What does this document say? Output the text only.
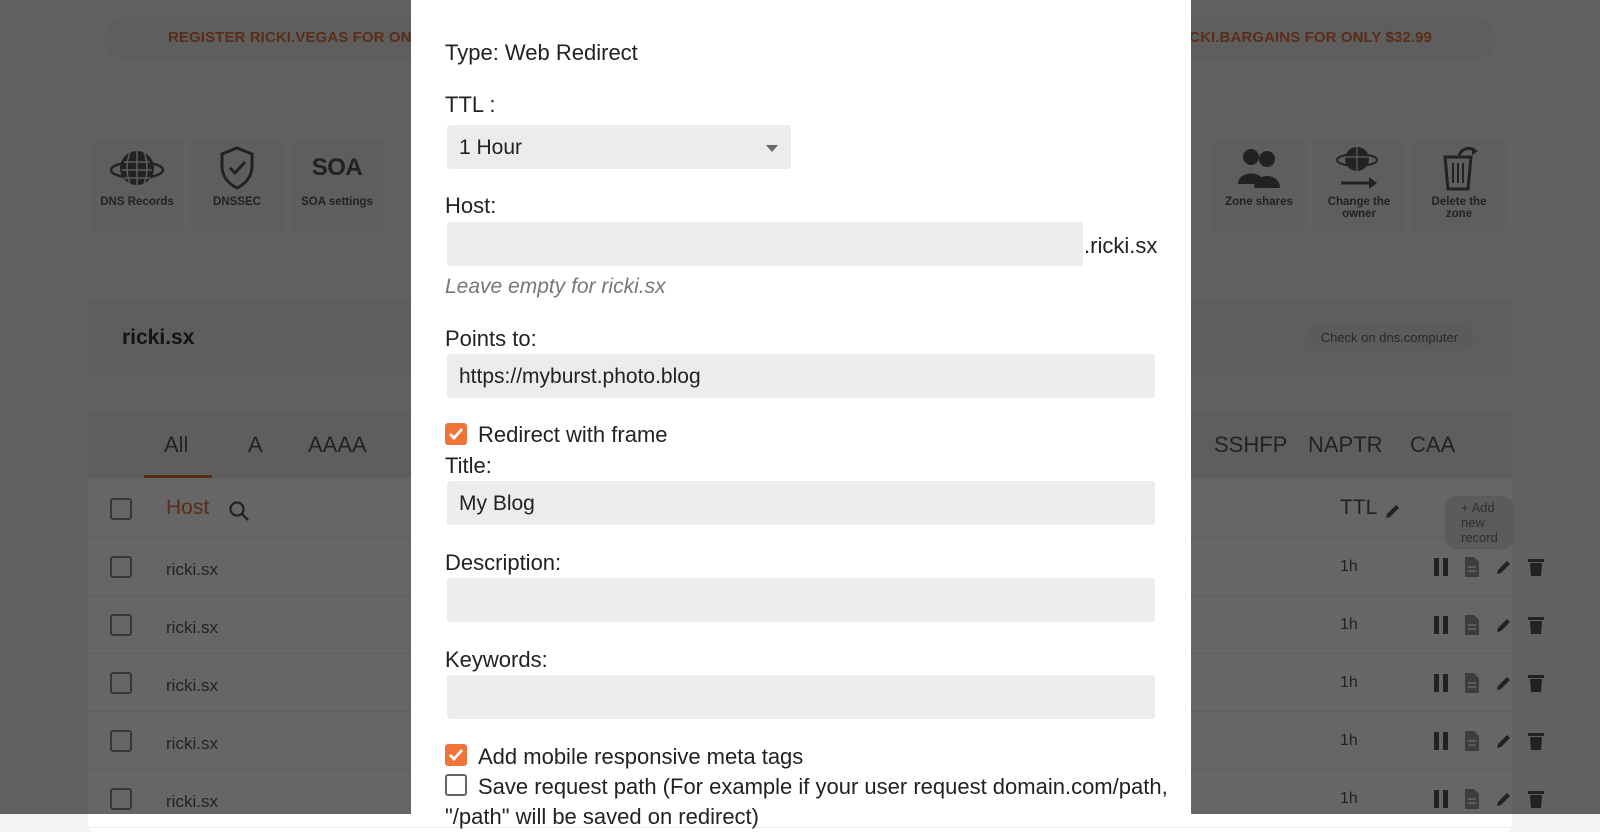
Type: Web Redirect
TTL :
1 Hour
Host:
.ricki.sx
Leave empty for ricki.sx
Points to:
https://myburst.photo.blog
Redirect with frame
Title:
My Blog
Description:
Keywords:
Add mobile responsive meta tags
Save request path (For example if your user request domain.com/path,
"/path" will be saved on redirect)
